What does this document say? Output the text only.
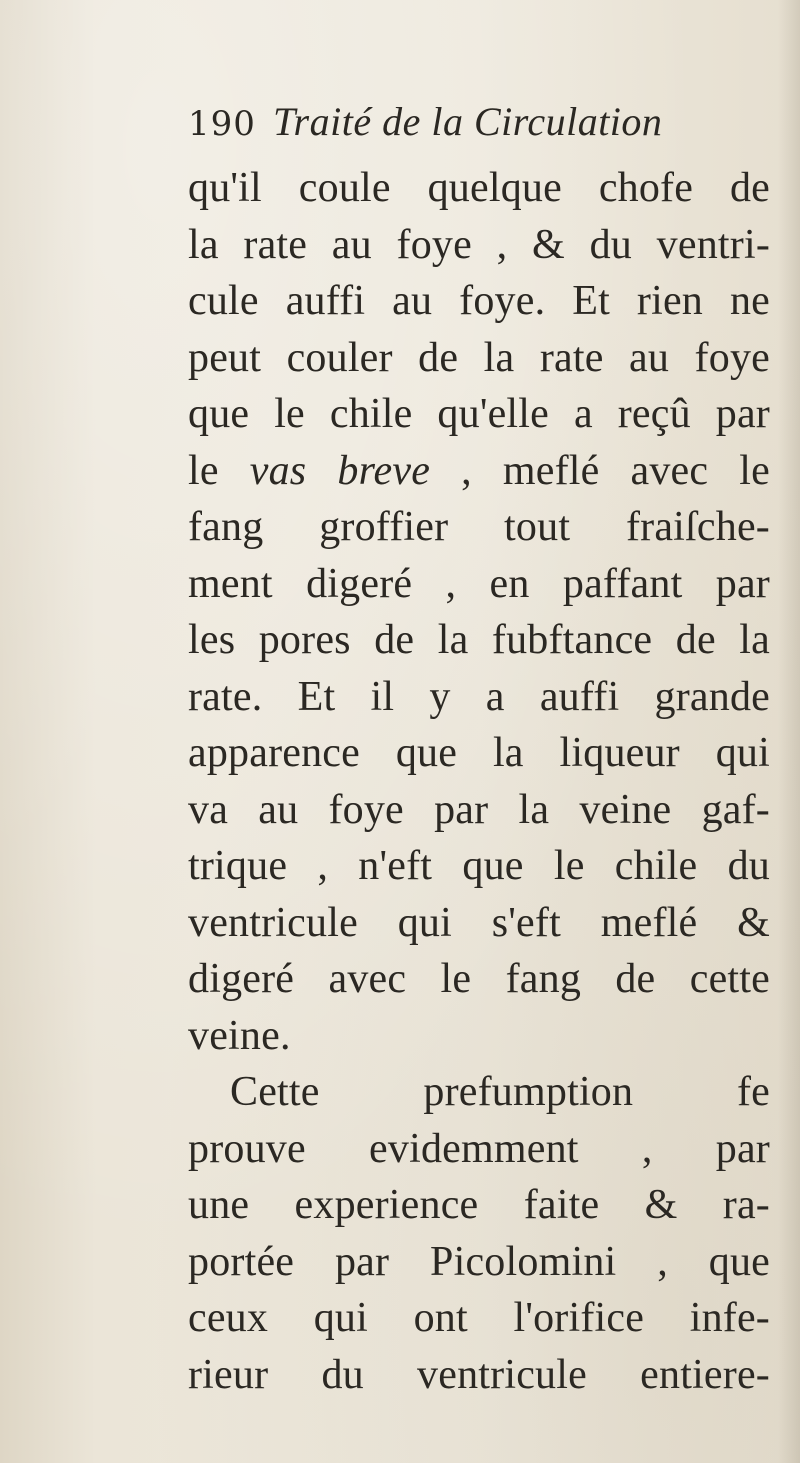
190 Traité de la Circulation
qu'il coule quelque chofe de
la rate au foye , & du ventri-
cule auffi au foye. Et rien ne
peut couler de la rate au foye
que le chile qu'elle a reçû par
le vas breve , meflé avec le
fang groffier tout fraiſche-
ment digeré , en paffant par
les pores de la fubftance de la
rate. Et il y a auffi grande
apparence que la liqueur qui
va au foye par la veine gaf-
trique , n'eft que le chile du
ventricule qui s'eft meflé &
digeré avec le fang de cette
veine.
Cette prefumption fe
prouve evidemment , par
une experience faite & ra-
portée par Picolomini , que
ceux qui ont l'orifice infe-
rieur du ventricule entiere-
